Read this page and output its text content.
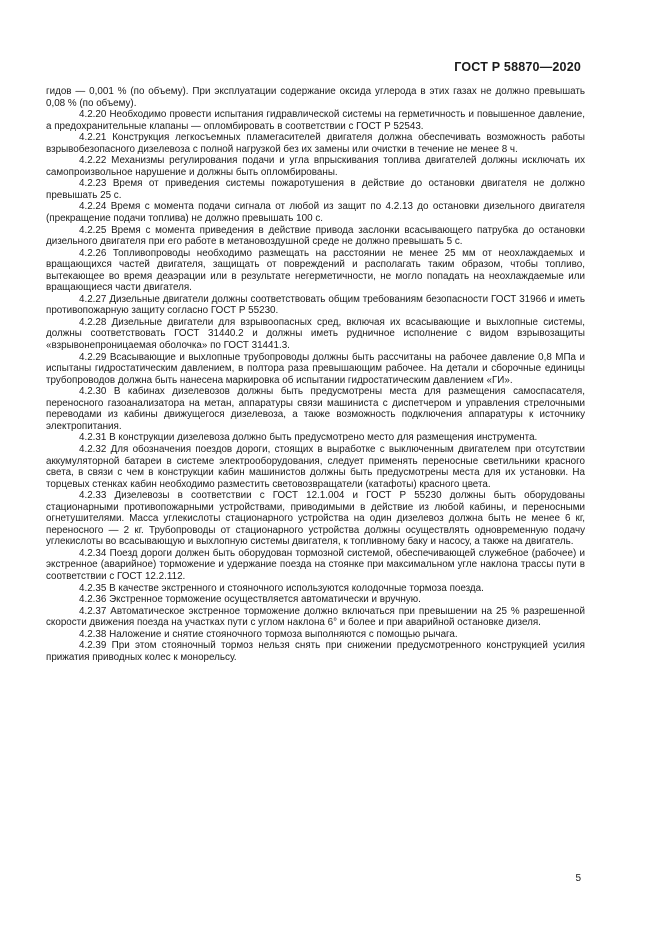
ГОСТ Р 58870—2020

гидов — 0,001 % (по объему). При эксплуатации содержание оксида углерода в этих газах не должно превышать 0,08 % (по объему).

4.2.20 Необходимо провести испытания гидравлической системы на герметичность и повышенное давление, а предохранительные клапаны — опломбировать в соответствии с ГОСТ Р 52543.

4.2.21 Конструкция легкосъемных пламегасителей двигателя должна обеспечивать возможность работы взрывобезопасного дизелевоза с полной нагрузкой без их замены или очистки в течение не менее 8 ч.

4.2.22 Механизмы регулирования подачи и угла впрыскивания топлива двигателей должны исключать их самопроизвольное нарушение и должны быть опломбированы.

4.2.23 Время от приведения системы пожаротушения в действие до остановки двигателя не должно превышать 25 с.

4.2.24 Время с момента подачи сигнала от любой из защит по 4.2.13 до остановки дизельного двигателя (прекращение подачи топлива) не должно превышать 100 с.

4.2.25 Время с момента приведения в действие привода заслонки всасывающего патрубка до остановки дизельного двигателя при его работе в метановоздушной среде не должно превышать 5 с.

4.2.26 Топливопроводы необходимо размещать на расстоянии не менее 25 мм от неохлаждаемых и вращающихся частей двигателя, защищать от повреждений и располагать таким образом, чтобы топливо, вытекающее во время деаэрации или в результате негерметичности, не могло попадать на неохлаждаемые или вращающиеся части двигателя.

4.2.27 Дизельные двигатели должны соответствовать общим требованиям безопасности ГОСТ 31966 и иметь противопожарную защиту согласно ГОСТ Р 55230.

4.2.28 Дизельные двигатели для взрывоопасных сред, включая их всасывающие и выхлопные системы, должны соответствовать ГОСТ 31440.2 и должны иметь рудничное исполнение с видом взрывозащиты «взрывонепроницаемая оболочка» по ГОСТ 31441.3.

4.2.29 Всасывающие и выхлопные трубопроводы должны быть рассчитаны на рабочее давление 0,8 МПа и испытаны гидростатическим давлением, в полтора раза превышающим рабочее. На детали и сборочные единицы трубопроводов должна быть нанесена маркировка об испытании гидростатическим давлением «ГИ».

4.2.30 В кабинах дизелевозов должны быть предусмотрены места для размещения самоспасателя, переносного газоанализатора на метан, аппаратуры связи машиниста с диспетчером и управления стрелочными переводами из кабины движущегося дизелевоза, а также возможность подключения аппаратуры к источнику электропитания.

4.2.31 В конструкции дизелевоза должно быть предусмотрено место для размещения инструмента.

4.2.32 Для обозначения поездов дороги, стоящих в выработке с выключенным двигателем при отсутствии аккумуляторной батареи в системе электрооборудования, следует применять переносные светильники красного света, в связи с чем в конструкции кабин машинистов должны быть предусмотрены места для их установки. На торцевых стенках кабин необходимо разместить световозвращатели (катафоты) красного цвета.

4.2.33 Дизелевозы в соответствии с ГОСТ 12.1.004 и ГОСТ Р 55230 должны быть оборудованы стационарными противопожарными устройствами, приводимыми в действие из любой кабины, и переносными огнетушителями. Масса углекислоты стационарного устройства на один дизелевоз должна быть не менее 6 кг, переносного — 2 кг. Трубопроводы от стационарного устройства должны осуществлять одновременную подачу углекислоты во всасывающую и выхлопную системы двигателя, к топливному баку и насосу, а также на двигатель.

4.2.34 Поезд дороги должен быть оборудован тормозной системой, обеспечивающей служебное (рабочее) и экстренное (аварийное) торможение и удержание поезда на стоянке при максимальном угле наклона трассы пути в соответствии с ГОСТ 12.2.112.

4.2.35 В качестве экстренного и стояночного используются колодочные тормоза поезда.

4.2.36 Экстренное торможение осуществляется автоматически и вручную.

4.2.37 Автоматическое экстренное торможение должно включаться при превышении на 25 % разрешенной скорости движения поезда на участках пути с углом наклона 6° и более и при аварийной остановке дизеля.

4.2.38 Наложение и снятие стояночного тормоза выполняются с помощью рычага.

4.2.39 При этом стояночный тормоз нельзя снять при снижении предусмотренного конструкцией усилия прижатия приводных колес к монорельсу.

5
